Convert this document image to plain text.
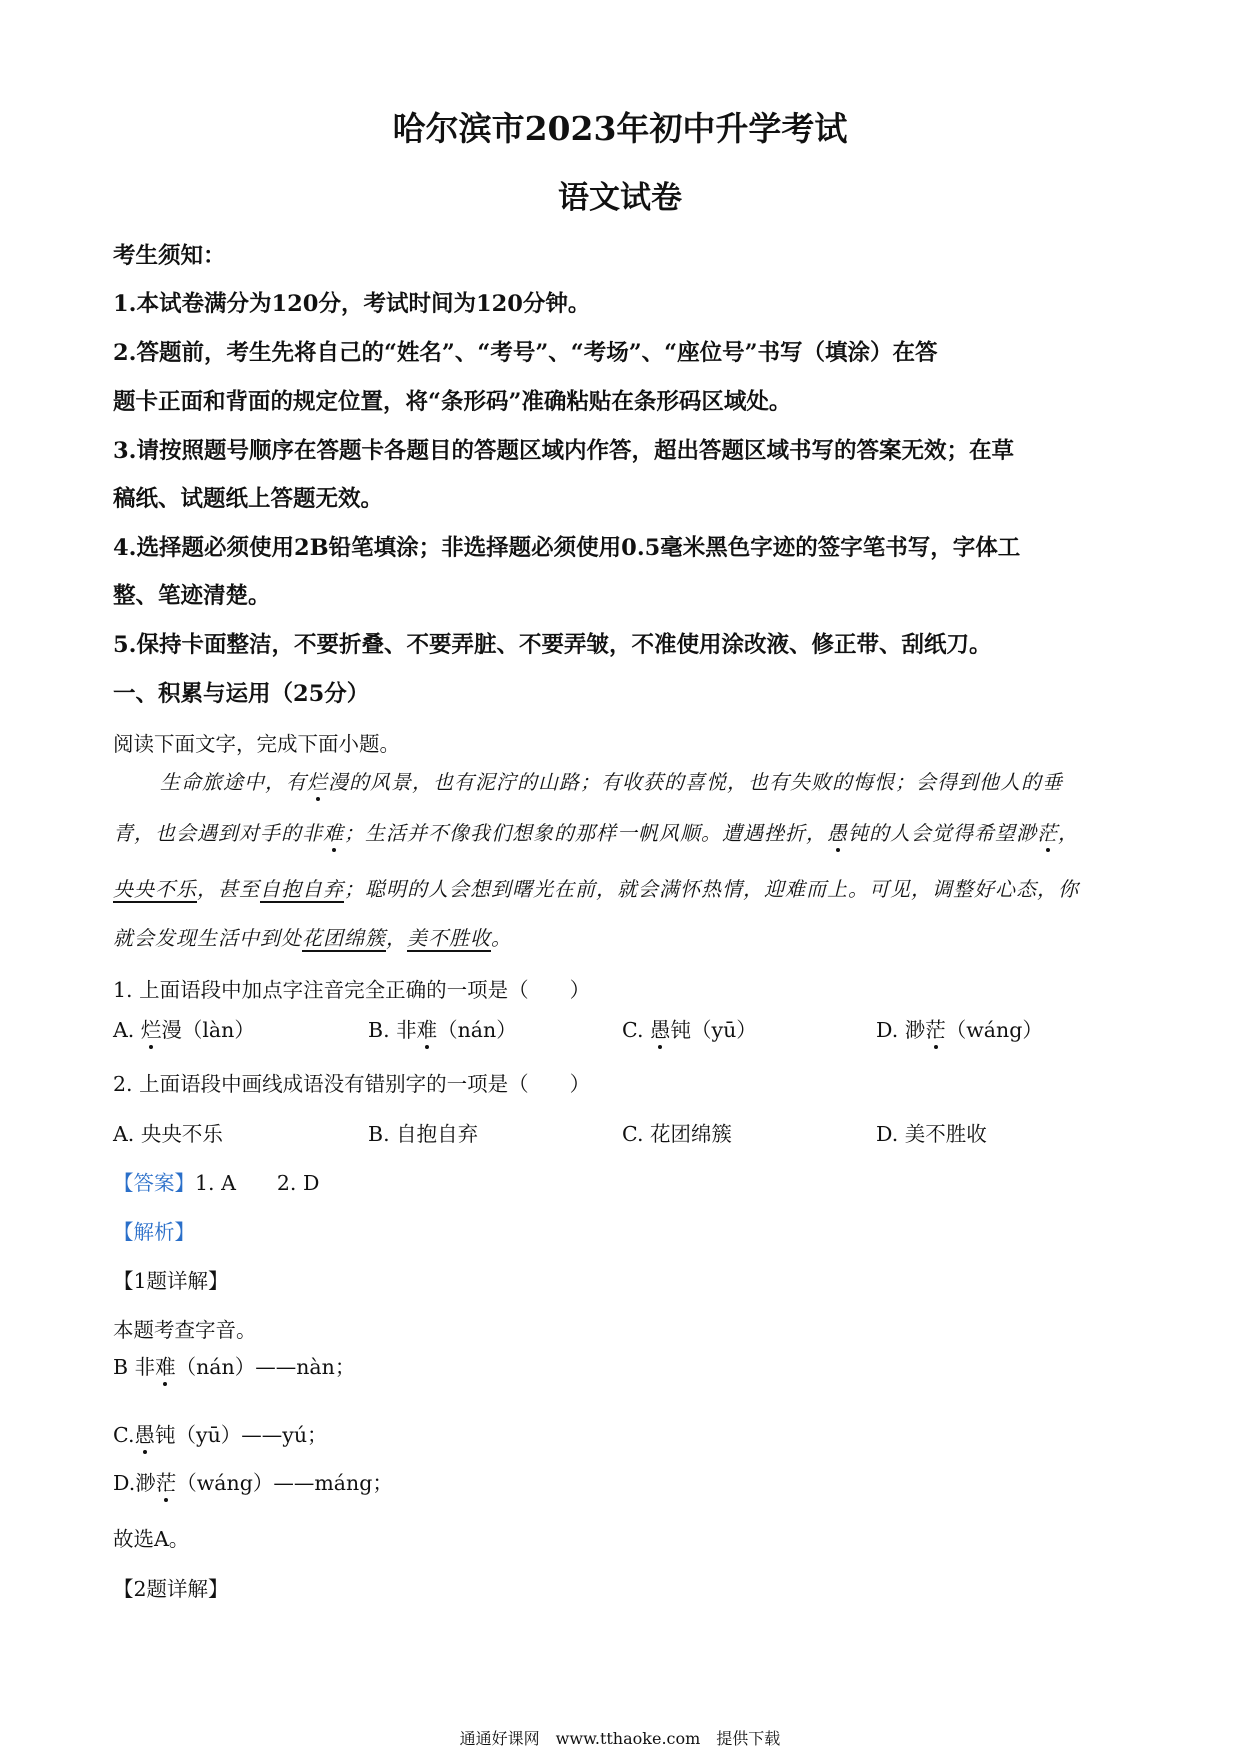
哈尔滨市2023年初中升学考试
语文试卷
考生须知：
1.本试卷满分为120分，考试时间为120分钟。
2.答题前，考生先将自己的“姓名”、“考号”、“考场”、“座位号”书写（填涂）在答
题卡正面和背面的规定位置，将“条形码”准确粘贴在条形码区域处。
3.请按照题号顺序在答题卡各题目的答题区域内作答，超出答题区域书写的答案无效；在草
稿纸、试题纸上答题无效。
4.选择题必须使用2B铅笔填涂；非选择题必须使用0.5毫米黑色字迹的签字笔书写，字体工
整、笔迹清楚。
5.保持卡面整洁，不要折叠、不要弄脏、不要弄皱，不准使用涂改液、修正带、刮纸刀。
一、积累与运用（25分）
阅读下面文字，完成下面小题。
生命旅途中，有烂漫的风景，也有泥泞的山路；有收获的喜悦，也有失败的悔恨；会得到他人的垂
青，也会遇到对手的非难；生活并不像我们想象的那样一帆风顺。遭遇挫折，愚钝的人会觉得希望渺茫，
央央不乐，甚至自抱自弃；聪明的人会想到曙光在前，就会满怀热情，迎难而上。可见，调整好心态，你
就会发现生活中到处花团绵簇，美不胜收。
1. 上面语段中加点字注音完全正确的一项是（　　）
A. 烂漫（làn）	B. 非难（nán）	C. 愚钝（yū）	D. 渺茫（wáng）
2. 上面语段中画线成语没有错别字的一项是（　　）
A. 央央不乐	B. 自抱自弃	C. 花团绵簇	D. 美不胜收
【答案】1. A　　2. D
【解析】
【1题详解】
本题考查字音。
B 非难（nán）——nàn；
C.愚钝（yū）——yú；
D.渺茫（wáng）——máng；
故选A。
【2题详解】
通通好课网　www.tthaoke.com　提供下载
